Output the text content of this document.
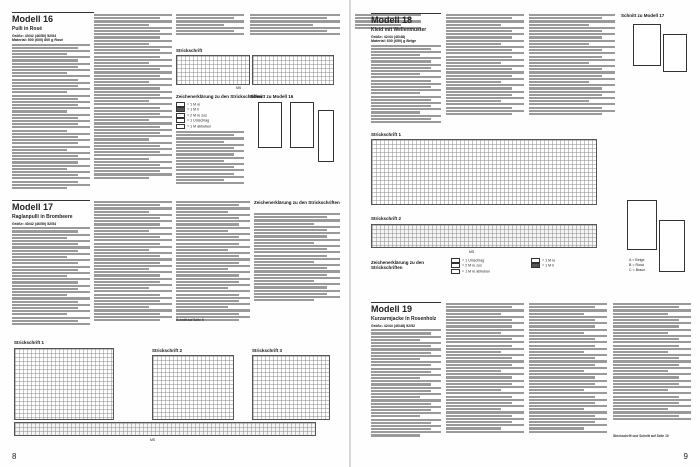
Modell 16
Pulli in Rosé
Größe: 40/42 (46/50) 52/54
Material: 500 (600) 800 g Rosé
Strickschrift
MS
Zeichenerklärung zu den Strickschriften
= 1 M re
= 1 M li
= 2 M re zus
= 1 Umschlag
= 1 M abheben
Schnitt zu Modell 16
Modell 17
Raglanpulli in Brombeere
Größe: 40/42 (46/50) 52/54
Zeichenerklärung zu den Strickschriften
Schnitt auf Seite 9
Strickschrift 1
Strickschrift 2	Strickschrift 3
MS
8
Modell 18
Kleid mit Wellenmuster
Größe: 42/44 (46/48)
Material: 600 (650) g Beige
Schnitt zu Modell 17
Strickschrift 1
Strickschrift 2
MS
Zeichenerklärung zu den Strickschriften
= 1 Umschlag
= 2 M re zus
= 1 M re abheben
= 1 M re
= 1 M li
A = Beige
B = Rosa
C = Braun
Modell 19
Kurzarmjacke in Rosenholz
Größe: 42/44 (46/48) 52/52
Strickschrift und Schnitt auf Seite 10
9
